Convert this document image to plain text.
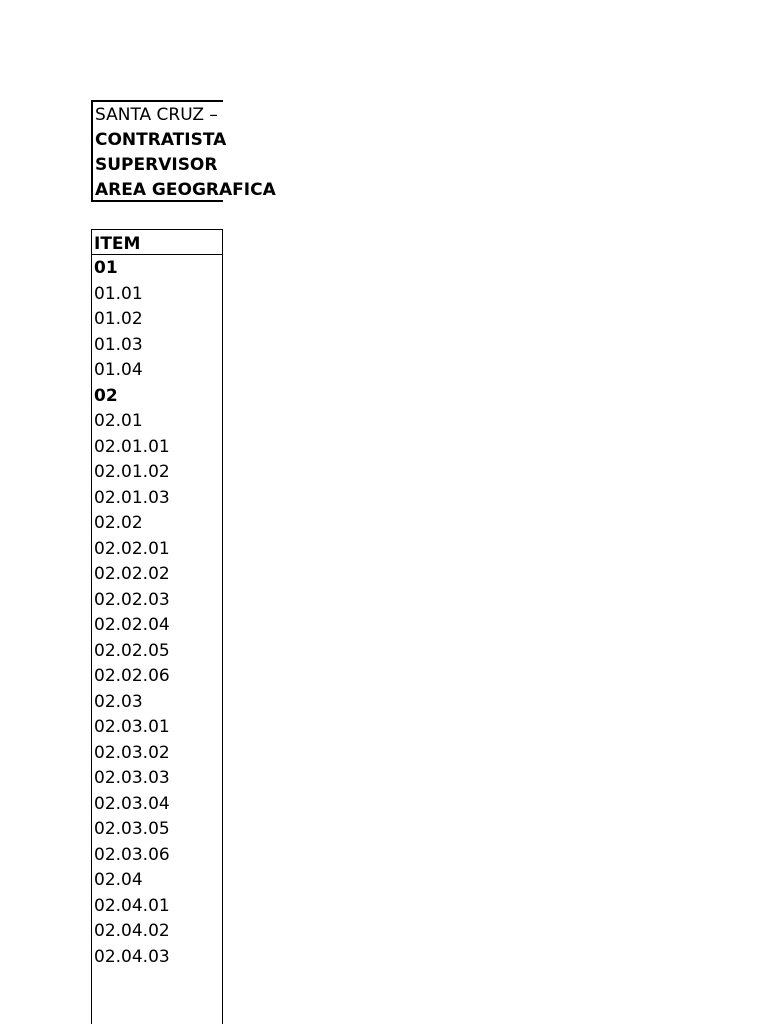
SANTA CRUZ –
CONTRATISTA
SUPERVISOR
AREA GEOGRAFICA
ITEM
01
01.01
01.02
01.03
01.04
02
02.01
02.01.01
02.01.02
02.01.03
02.02
02.02.01
02.02.02
02.02.03
02.02.04
02.02.05
02.02.06
02.03
02.03.01
02.03.02
02.03.03
02.03.04
02.03.05
02.03.06
02.04
02.04.01
02.04.02
02.04.03
